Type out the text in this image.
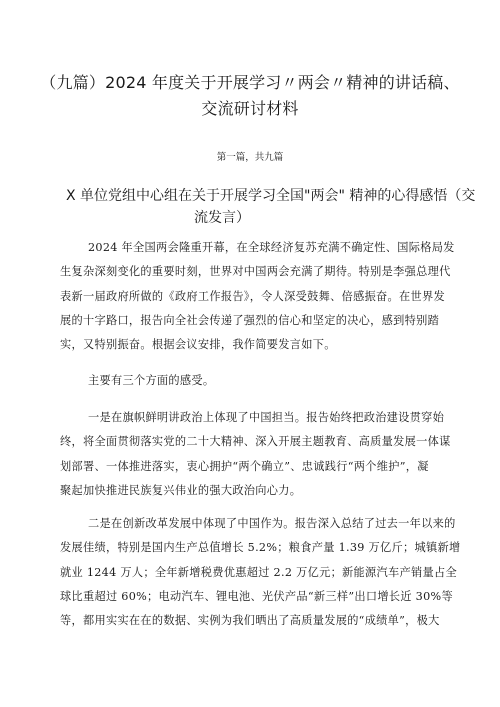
（九篇）2024 年度关于开展学习〃两会〃精神的讲话稿、
交流研讨材料
第一篇，共九篇
X 单位党组中心组在关于开展学习全国"两会" 精神的心得感悟（交
流发言）
2024 年全国两会隆重开幕，在全球经济复苏充满不确定性、国际格局发
生复杂深刻变化的重要时刻，世界对中国两会充满了期待。特别是李强总理代
表新一届政府所做的《政府工作报告》，令人深受鼓舞、倍感振奋。在世界发
展的十字路口，报告向全社会传递了强烈的信心和坚定的决心，感到特别踏
实，又特别振奋。根据会议安排，我作简要发言如下。
主要有三个方面的感受。
一是在旗帜鲜明讲政治上体现了中国担当。报告始终把政治建设贯穿始
终，将全面贯彻落实党的二十大精神、深入开展主题教育、高质量发展一体谋
划部署、一体推进落实，衷心拥护“两个确立”、忠诚践行“两个维护”，凝
聚起加快推进民族复兴伟业的强大政治向心力。
二是在创新改革发展中体现了中国作为。报告深入总结了过去一年以来的
发展佳绩，特别是国内生产总值增长 5.2%；粮食产量 1.39 万亿斤；城镇新增
就业 1244 万人；全年新增税费优惠超过 2.2 万亿元；新能源汽车产销量占全
球比重超过 60%；电动汽车、锂电池、光伏产品“新三样”出口增长近 30%等
等，都用实实在在的数据、实例为我们晒出了高质量发展的“成绩单”，极大
